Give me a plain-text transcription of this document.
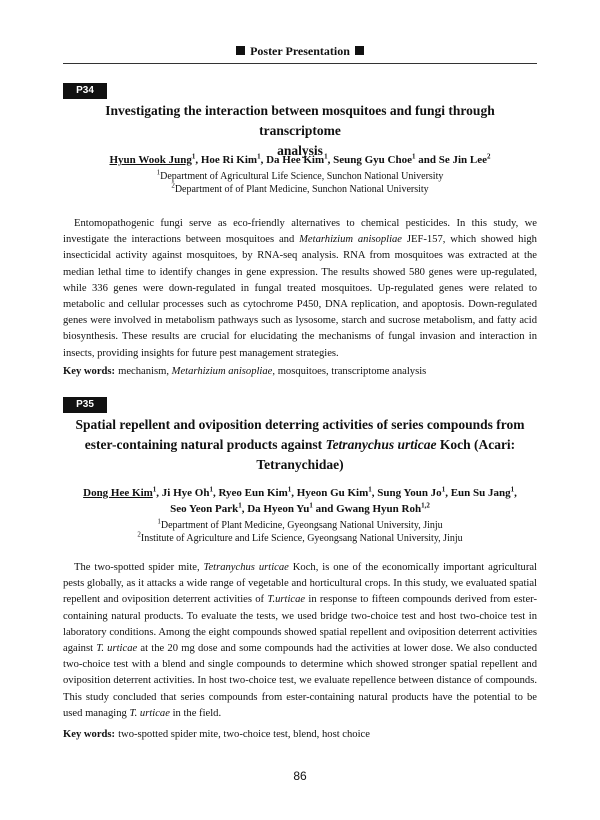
Poster Presentation
P34
Investigating the interaction between mosquitoes and fungi through transcriptome
analysis
Hyun Wook Jung$^1$, Hoe Ri Kim$^1$, Da Hee Kim$^1$, Seung Gyu Choe$^1$ and Se Jin Lee$^2$
$^1$Department of Agricultural Life Science, Sunchon National University
$^2$Department of of Plant Medicine, Sunchon National University

Entomopathogenic fungi serve as eco-friendly alternatives to chemical pesticides. In this study, we investigate the interactions between mosquitoes and Metarhizium anisopliae JEF-157, which showed high insecticidal activity against mosquitoes, by RNA-seq analysis. RNA from mosquitoes was extracted at the median lethal time to identify changes in gene expression. The results showed 580 genes were up-regulated, while 336 genes were down-regulated in fungal treated mosquitoes. Up-regulated genes were related to metabolic and cellular processes such as cytochrome P450, DNA replication, and apoptosis. Down-regulated genes were involved in metabolism pathways such as lysosome, starch and sucrose metabolism, and fatty acid biosynthesis. These results are crucial for elucidating the mechanisms of fungal invasion and interaction in insects, providing insights for future pest management strategies.

Key words: mechanism, Metarhizium anisopliae, mosquitoes, transcriptome analysis
P35
Spatial repellent and oviposition deterring activities of series compounds from
ester-containing natural products against Tetranychus urticae Koch (Acari:
Tetranychidae)
Dong Hee Kim$^1$, Ji Hye Oh$^1$, Ryeo Eun Kim$^1$, Hyeon Gu Kim$^1$, Sung Youn Jo$^1$, Eun Su Jang$^1$,
Seo Yeon Park$^1$, Da Hyeon Yu$^1$ and Gwang Hyun Roh$^{1,2}$
$^1$Department of Plant Medicine, Gyeongsang National University, Jinju
$^2$Institute of Agriculture and Life Science, Gyeongsang National University, Jinju

The two-spotted spider mite, Tetranychus urticae Koch, is one of the economically important agricultural pests globally, as it attacks a wide range of vegetable and horticultural crops. In this study, we evaluated spatial repellent and oviposition deterrent activities of T.urticae in response to fifteen compounds derived from ester-containing natural products. To evaluate the tests, we used bridge two-choice test and host two-choice test in laboratory conditions. Among the eight compounds showed spatial repellent and oviposition deterrent activities against T. urticae at the 20 mg dose and some compounds had the activities at lower dose. We also conducted two-choice test with a blend and single compounds to determine which showed stronger spatial repellent and oviposition deterrent activities. In host two-choice test, we evaluate repellence between distance of compounds. This study concluded that series compounds from ester-containing natural products have the potential to be used managing T. urticae in the field.

Key words: two-spotted spider mite, two-choice test, blend, host choice
86
